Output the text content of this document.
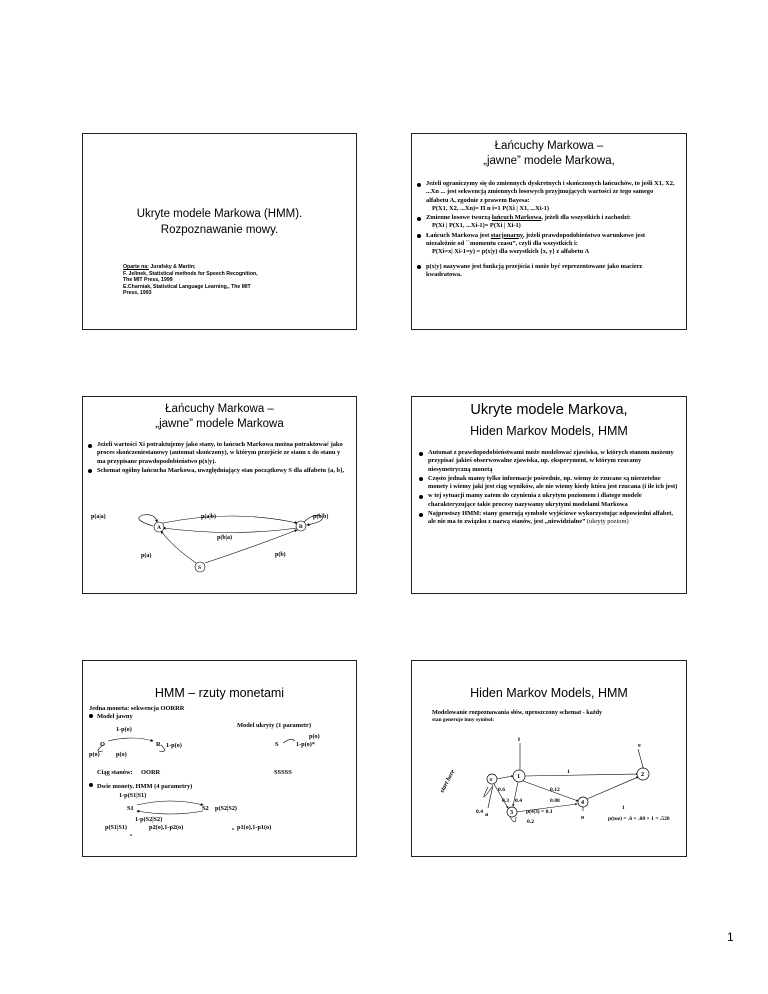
Ukryte modele Markowa (HMM).
Rozpoznawanie mowy.
Oparte na: Jurafsky & Martin;
F. Jelinek, Statistical methods for Speech Recognition,
The MIT Press, 1999
E.Charniak, Statistical Language Learning,, The MIT
Press, 1993
Łańcuchy Markowa –
„jawne” modele Markowa,
Jeżeli ograniczymy się do zmiennych dyskretnych i skończonych łańcuchów, to jeśli X1, X2, ...Xn ... jest sekwencją zmiennych losowych przyjmujących wartości ze tego samego alfabetu A, zgodnie z prawem Bayesa:
P(X1, X2, ...Xn)= Π n i=1 P(Xi | X1, ...Xi-1)
Zmienne losowe tworzą łańcuch Markowa, jeżeli dla wszystkich i zachodzi:
P(Xi | P(X1, ...Xi-1)= P(Xi | Xi-1)
Łańcuch Markowa jest stacjonarny, jeżeli prawdopodobieństwo warunkowe jest niezależnie od ``momentu czasu”, czyli dla wszystkich i:
P(Xi=x| Xi-1=y) = p(x|y) dla wszystkich {x, y} z alfabetu A
p(x|y) nazywane jest funkcją przejścia i może być reprezentowane jako macierz kwadratowa.
Łańcuchy Markowa –
„jawne” modele Markowa
Jeżeli wartości Xi potraktujemy jako stany, to łańcuch Markowa można potraktować jako proces skończeniestanowy (automat skończony), w którym przejście ze stanu x do stanu y ma przypisane prawdopodobieństwo p(x|y).
Schemat ogólny łańcucha Markowa, uwzględniający stan początkowy S dla alfabetu {a, b},
A	B
S
p(a|a)	p(a|b)	p(b|b)
p(b|a)
p(a)	p(b)
Ukryte modele Markova,
Hiden Markov Models, HMM
Automat z prawdopodobieństwami może modelować zjawiska, w których stanom możemy przypisać jakieś obserwowalne zjawiska, np. eksperyment, w którym rzucamy niesymetryczną monetą
Często jednak mamy tylko informacje pośrednie, np. wiemy że rzucane są nierzetelne monety i wiemy jaki jest ciąg wyników, ale nie wiemy kiedy która jest rzucana (i ile ich jest)
w tej sytuacji mamy zatem do czynienia z ukrytym poziomem i dlatego modele charakteryzujące takie procesy nazywamy ukrytymi modelami Markowa
Najprostszy HMM: stany generują symbole wyjściowe wykorzystując odpowiedni alfabet, ale nie ma to związku z nazwą stanów, jest „niewidzialne” (ukryty poziom)
HMM – rzuty monetami
Jedna moneta: sekwencja OORRR
Model jawny
Model ukryty (1 parametr)
1-p(o)
p(o)
O	R 1-p(o)	S	1-p(o)*
p(o)	p(o)
Ciąg stanów: OORR	SSSSS
Dwie monety, HMM (4 parametry)
1-p(S1|S1)
S1	S2 p(S2|S2)
1-p(S2|S2)
p(S1|S1)	p2(o),1-p2(o)	p1(o),1-p1(o)
Hiden Markov Models, HMM
Modelowanie rozpoznawania słów, uproszczony schemat - każdy
stan generuje inny symbol:
t
e
×	1	2
3
4
1
0.6	0.12
0.3 0.4	0.88
0.4
1
p(4|3) = 0.1
0.2
a	o
start here
p(toe) = .6 × .88 × 1 = .528
1
